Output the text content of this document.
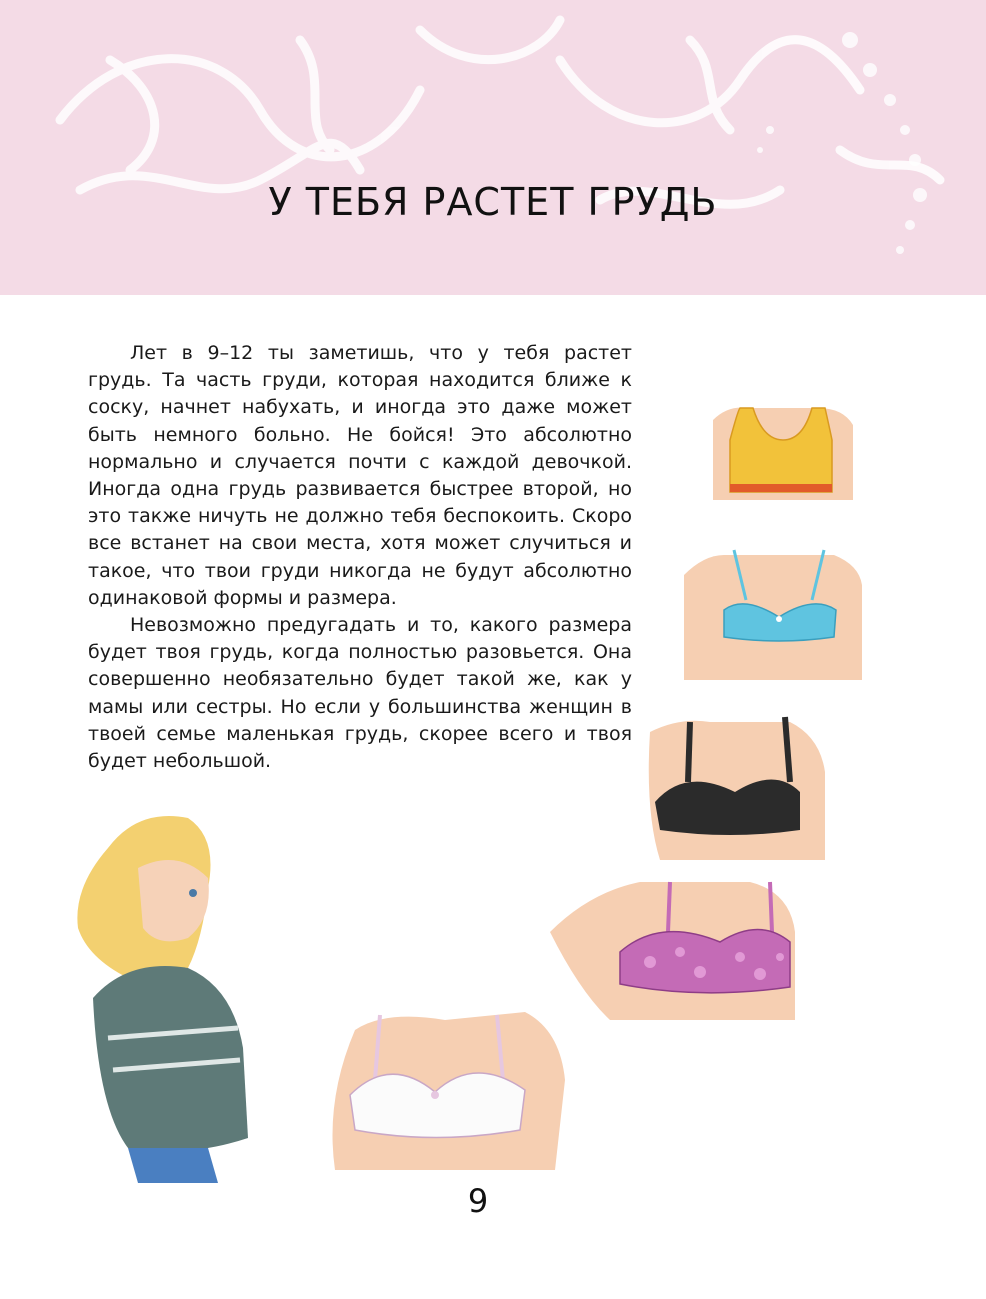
У ТЕБЯ РАСТЕТ ГРУДЬ

Лет в 9–12 ты заметишь, что у тебя растет грудь. Та часть груди, которая находится ближе к соску, начнет набухать, и иногда это даже может быть немного больно. Не бойся! Это абсолютно нормально и случается почти с каждой девочкой. Иногда одна грудь развивается быстрее второй, но это также ничуть не должно тебя беспокоить. Скоро все встанет на свои места, хотя может случиться и такое, что твои груди никогда не будут абсолютно одинаковой формы и размера.

Невозможно предугадать и то, какого размера будет твоя грудь, когда полностью разовьется. Она совершенно необязательно будет такой же, как у мамы или сестры. Но если у большинства женщин в твоей семье маленькая грудь, скорее всего и твоя будет небольшой.

9
